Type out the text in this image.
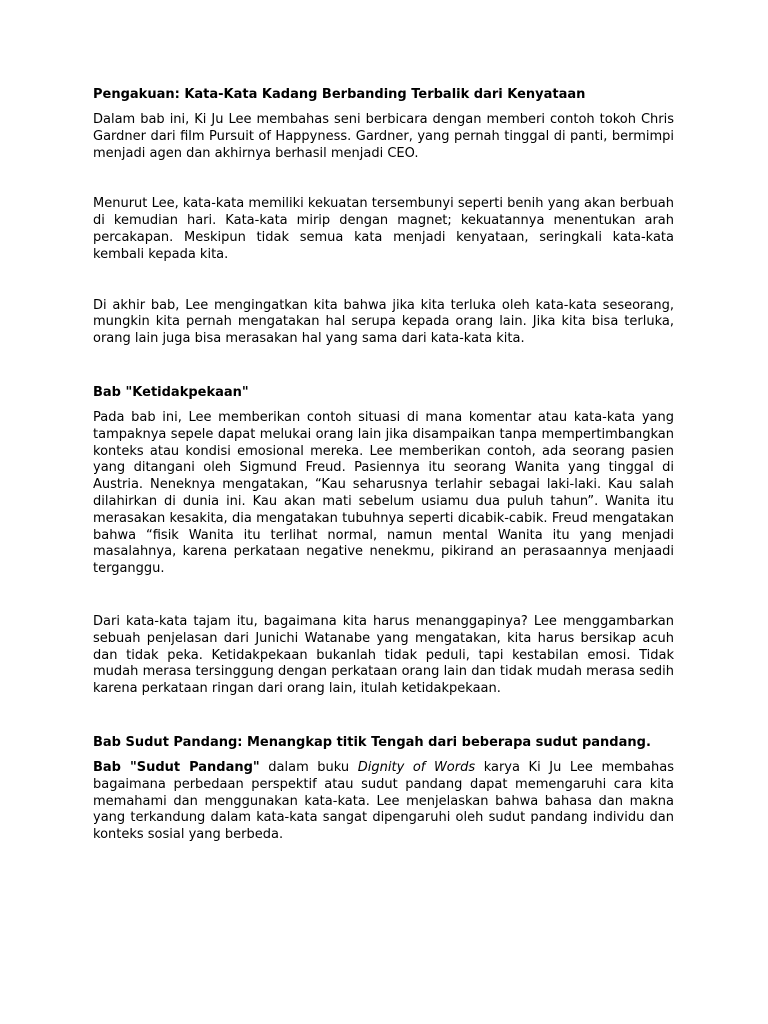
Pengakuan: Kata-Kata Kadang Berbanding Terbalik dari Kenyataan

Dalam bab ini, Ki Ju Lee membahas seni berbicara dengan memberi contoh tokoh Chris Gardner dari film Pursuit of Happyness. Gardner, yang pernah tinggal di panti, bermimpi menjadi agen dan akhirnya berhasil menjadi CEO.

Menurut Lee, kata-kata memiliki kekuatan tersembunyi seperti benih yang akan berbuah di kemudian hari. Kata-kata mirip dengan magnet; kekuatannya menentukan arah percakapan. Meskipun tidak semua kata menjadi kenyataan, seringkali kata-kata kembali kepada kita.

Di akhir bab, Lee mengingatkan kita bahwa jika kita terluka oleh kata-kata seseorang, mungkin kita pernah mengatakan hal serupa kepada orang lain. Jika kita bisa terluka, orang lain juga bisa merasakan hal yang sama dari kata-kata kita.

Bab "Ketidakpekaan"

Pada bab ini, Lee memberikan contoh situasi di mana komentar atau kata-kata yang tampaknya sepele dapat melukai orang lain jika disampaikan tanpa mempertimbangkan konteks atau kondisi emosional mereka. Lee memberikan contoh, ada seorang pasien yang ditangani oleh Sigmund Freud. Pasiennya itu seorang Wanita yang tinggal di Austria. Neneknya mengatakan, “Kau seharusnya terlahir sebagai laki-laki. Kau salah dilahirkan di dunia ini. Kau akan mati sebelum usiamu dua puluh tahun”. Wanita itu merasakan kesakita, dia mengatakan tubuhnya seperti dicabik-cabik. Freud mengatakan bahwa “fisik Wanita itu terlihat normal, namun mental Wanita itu yang menjadi masalahnya, karena perkataan negative nenekmu, pikirand an perasaannya menjaadi terganggu.

Dari kata-kata tajam itu, bagaimana kita harus menanggapinya? Lee menggambarkan sebuah penjelasan dari Junichi Watanabe yang mengatakan, kita harus bersikap acuh dan tidak peka. Ketidakpekaan bukanlah tidak peduli, tapi kestabilan emosi. Tidak mudah merasa tersinggung dengan perkataan orang lain dan tidak mudah merasa sedih karena perkataan ringan dari orang lain, itulah ketidakpekaan.

Bab Sudut Pandang: Menangkap titik Tengah dari beberapa sudut pandang.

Bab "Sudut Pandang" dalam buku Dignity of Words karya Ki Ju Lee membahas bagaimana perbedaan perspektif atau sudut pandang dapat memengaruhi cara kita memahami dan menggunakan kata-kata. Lee menjelaskan bahwa bahasa dan makna yang terkandung dalam kata-kata sangat dipengaruhi oleh sudut pandang individu dan konteks sosial yang berbeda.
